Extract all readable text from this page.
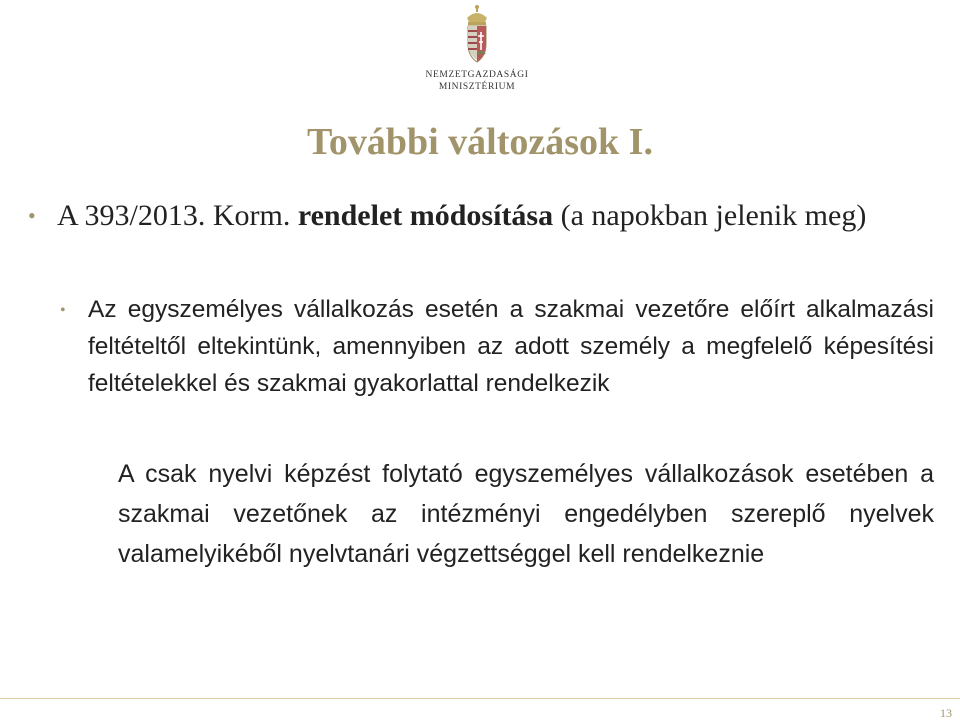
NEMZETGAZDASÁGI
MINISZTÉRIUM
További változások I.
• A 393/2013. Korm. rendelet módosítása (a napokban jelenik meg)
• Az egyszemélyes vállalkozás esetén a szakmai vezetőre előírt alkalmazási feltételtől eltekintünk, amennyiben az adott személy a megfelelő képesítési feltételekkel és szakmai gyakorlattal rendelkezik
A csak nyelvi képzést folytató egyszemélyes vállalkozások esetében a szakmai vezetőnek az intézményi engedélyben szereplő nyelvek valamelyikéből nyelvtanári végzettséggel kell rendelkeznie
13
